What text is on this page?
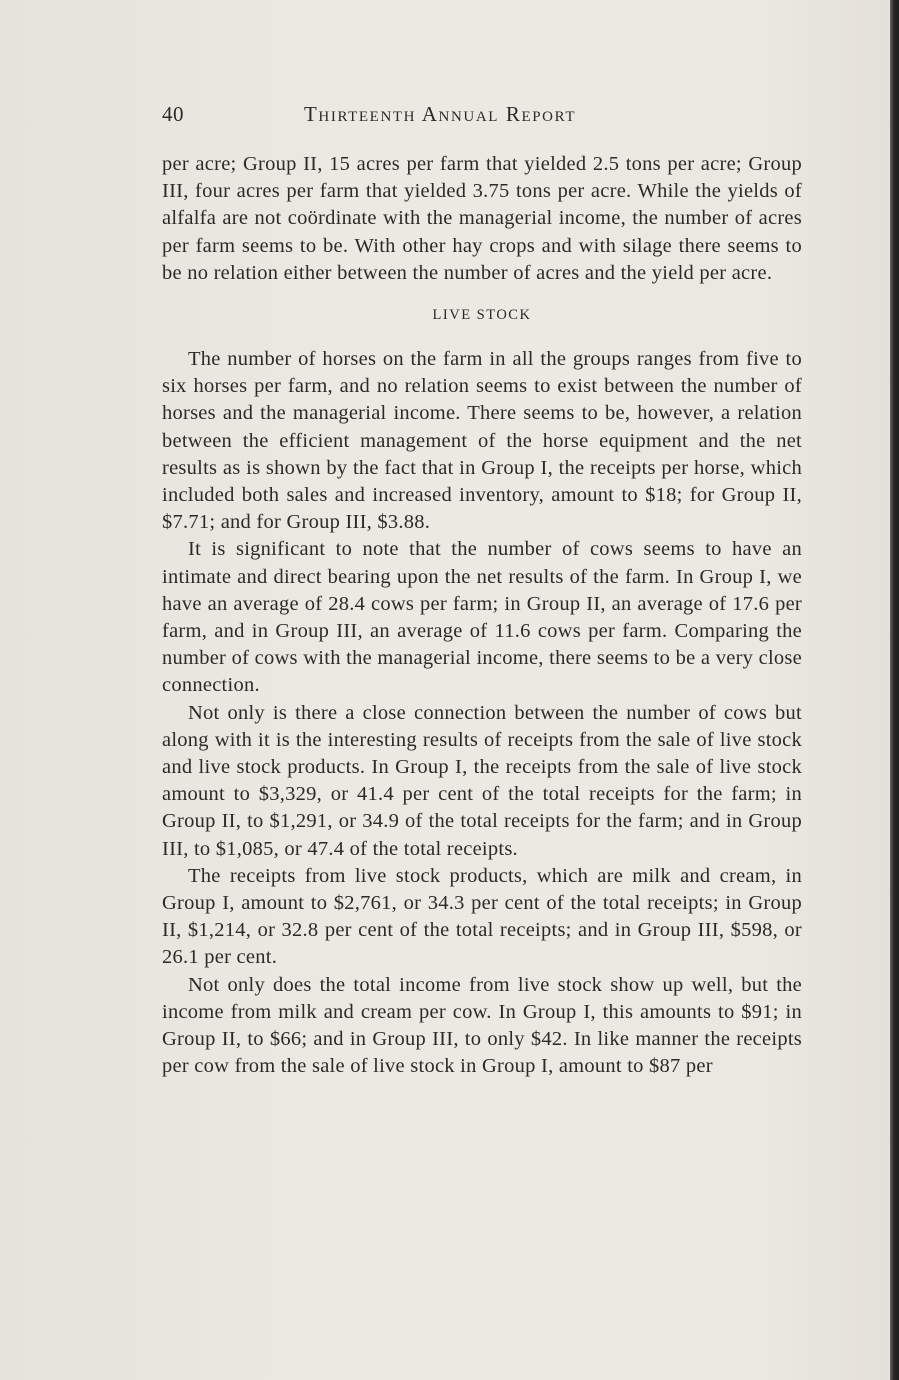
40	Thirteenth Annual Report

per acre; Group II, 15 acres per farm that yielded 2.5 tons per acre; Group III, four acres per farm that yielded 3.75 tons per acre. While the yields of alfalfa are not coördinate with the managerial income, the number of acres per farm seems to be. With other hay crops and with silage there seems to be no relation either between the number of acres and the yield per acre.

LIVE STOCK

The number of horses on the farm in all the groups ranges from five to six horses per farm, and no relation seems to exist between the number of horses and the managerial income. There seems to be, however, a relation between the efficient management of the horse equipment and the net results as is shown by the fact that in Group I, the receipts per horse, which included both sales and increased inventory, amount to $18; for Group II, $7.71; and for Group III, $3.88.

It is significant to note that the number of cows seems to have an intimate and direct bearing upon the net results of the farm. In Group I, we have an average of 28.4 cows per farm; in Group II, an average of 17.6 per farm, and in Group III, an average of 11.6 cows per farm. Comparing the number of cows with the managerial income, there seems to be a very close connection.

Not only is there a close connection between the number of cows but along with it is the interesting results of receipts from the sale of live stock and live stock products. In Group I, the receipts from the sale of live stock amount to $3,329, or 41.4 per cent of the total receipts for the farm; in Group II, to $1,291, or 34.9 of the total receipts for the farm; and in Group III, to $1,085, or 47.4 of the total receipts.

The receipts from live stock products, which are milk and cream, in Group I, amount to $2,761, or 34.3 per cent of the total receipts; in Group II, $1,214, or 32.8 per cent of the total receipts; and in Group III, $598, or 26.1 per cent.

Not only does the total income from live stock show up well, but the income from milk and cream per cow. In Group I, this amounts to $91; in Group II, to $66; and in Group III, to only $42. In like manner the receipts per cow from the sale of live stock in Group I, amount to $87 per
